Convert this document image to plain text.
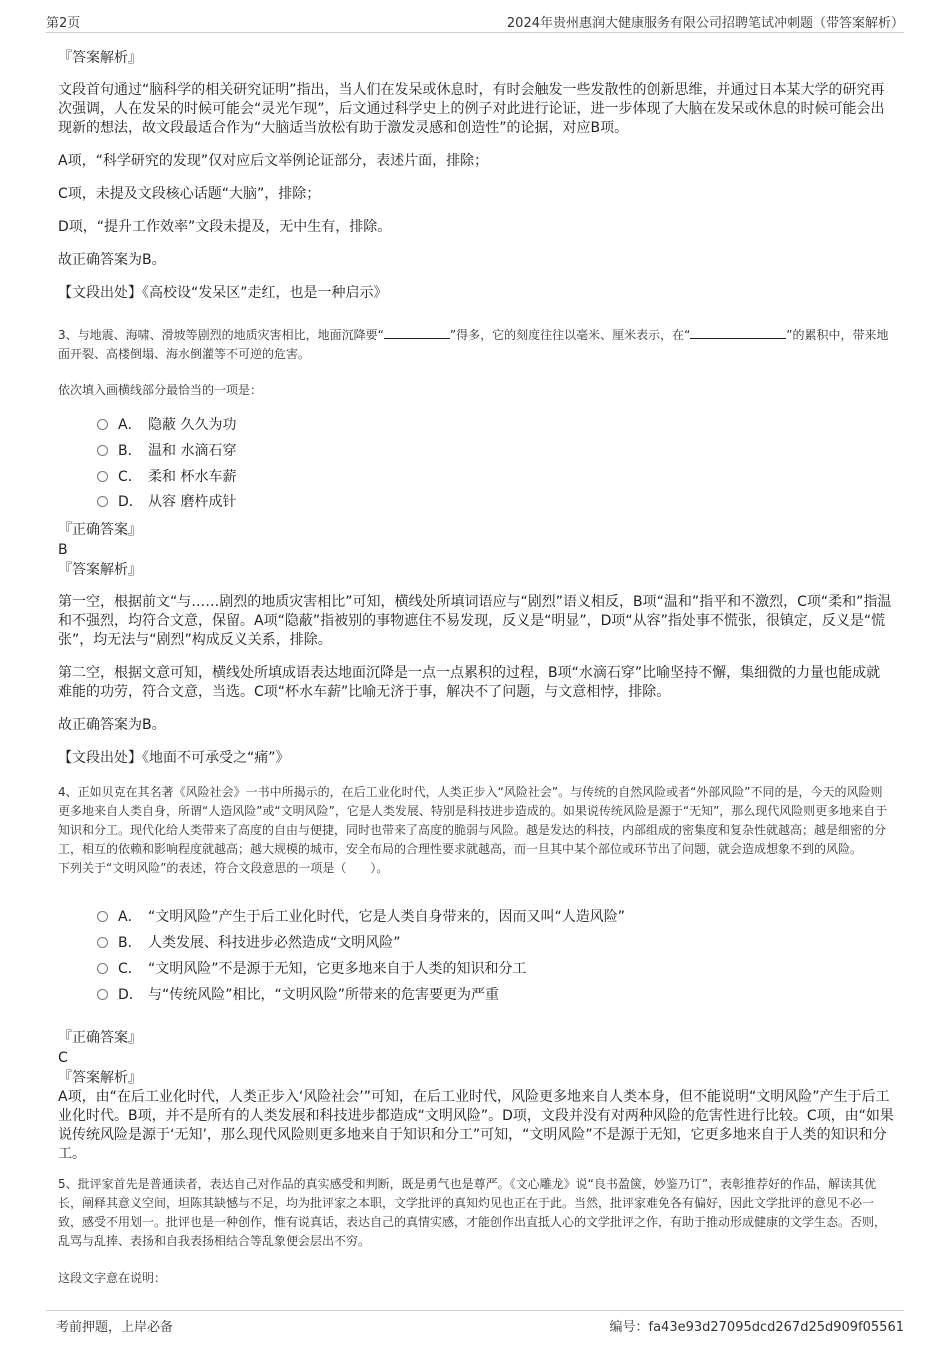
第2页	2024年贵州惠润大健康服务有限公司招聘笔试冲刺题（带答案解析）
『答案解析』

文段首句通过“脑科学的相关研究证明”指出，当人们在发呆或休息时，有时会触发一些发散性的创新思维，并通过日本某大学的研究再次强调，人在发呆的时候可能会“灵光乍现”，后文通过科学史上的例子对此进行论证，进一步体现了大脑在发呆或休息的时候可能会出现新的想法，故文段最适合作为“大脑适当放松有助于激发灵感和创造性”的论据，对应B项。

A项，“科学研究的发现”仅对应后文举例论证部分，表述片面，排除；

C项，未提及文段核心话题“大脑”，排除；

D项，“提升工作效率”文段未提及，无中生有，排除。

故正确答案为B。

【文段出处】《高校设“发呆区”走红，也是一种启示》

3、与地震、海啸、滑坡等剧烈的地质灾害相比，地面沉降要“	”得多，它的刻度往往以毫米、厘米表示，在“	”的累积中，带来地面开裂、高楼倒塌、海水倒灌等不可逆的危害。

依次填入画横线部分最恰当的一项是：

A． 隐蔽 久久为功
B． 温和 水滴石穿
C． 柔和 杯水车薪
D． 从容 磨杵成针
『正确答案』
B
『答案解析』

第一空，根据前文“与……剧烈的地质灾害相比”可知，横线处所填词语应与“剧烈”语义相反，B项“温和”指平和不激烈，C项“柔和”指温和不强烈，均符合文意，保留。A项“隐蔽”指被别的事物遮住不易发现，反义是“明显”，D项“从容”指处事不慌张，很镇定，反义是“慌张”，均无法与“剧烈”构成反义关系，排除。

第二空，根据文意可知，横线处所填成语表达地面沉降是一点一点累积的过程，B项“水滴石穿”比喻坚持不懈，集细微的力量也能成就难能的功劳，符合文意，当选。C项“杯水车薪”比喻无济于事，解决不了问题，与文意相悖，排除。

故正确答案为B。

【文段出处】《地面不可承受之“痛”》

4、正如贝克在其名著《风险社会》一书中所揭示的，在后工业化时代，人类正步入“风险社会”。与传统的自然风险或者“外部风险”不同的是，今天的风险则更多地来自人类自身，所谓“人造风险”或“文明风险”，它是人类发展、特别是科技进步造成的。如果说传统风险是源于“无知”，那么现代风险则更多地来自于知识和分工。现代化给人类带来了高度的自由与便捷，同时也带来了高度的脆弱与风险。越是发达的科技，内部组成的密集度和复杂性就越高；越是细密的分工，相互的依赖和影响程度就越高；越大规模的城市，安全布局的合理性要求就越高，而一旦其中某个部位或环节出了问题，就会造成想象不到的风险。

下列关于“文明风险”的表述，符合文段意思的一项是（　　）。

A． “文明风险”产生于后工业化时代，它是人类自身带来的，因而又叫“人造风险”
B． 人类发展、科技进步必然造成“文明风险”
C． “文明风险”不是源于无知，它更多地来自于人类的知识和分工
D． 与“传统风险”相比，“文明风险”所带来的危害要更为严重
『正确答案』
C
『答案解析』

A项，由“在后工业化时代，人类正步入‘风险社会’”可知，在后工业时代，风险更多地来自人类本身，但不能说明“文明风险”产生于后工业化时代。B项，并不是所有的人类发展和科技进步都造成“文明风险”。D项，文段并没有对两种风险的危害性进行比较。C项，由“如果说传统风险是源于‘无知’，那么现代风险则更多地来自于知识和分工”可知，“文明风险”不是源于无知，它更多地来自于人类的知识和分工。

5、批评家首先是普通读者，表达自己对作品的真实感受和判断，既是勇气也是尊严。《文心雕龙》说“良书盈箧，妙鉴乃订”，表彰推荐好的作品，解读其优长，阐释其意义空间，坦陈其缺憾与不足，均为批评家之本职，文学批评的真知灼见也正在于此。当然，批评家难免各有偏好，因此文学批评的意见不必一致，感受不用划一。批评也是一种创作，惟有说真话，表达自己的真情实感，才能创作出直抵人心的文学批评之作，有助于推动形成健康的文学生态。否则，乱骂与乱捧、表扬和自我表扬相结合等乱象便会层出不穷。

这段文字意在说明：

考前押题，上岸必备	编号：fa43e93d27095dcd267d25d909f05561
